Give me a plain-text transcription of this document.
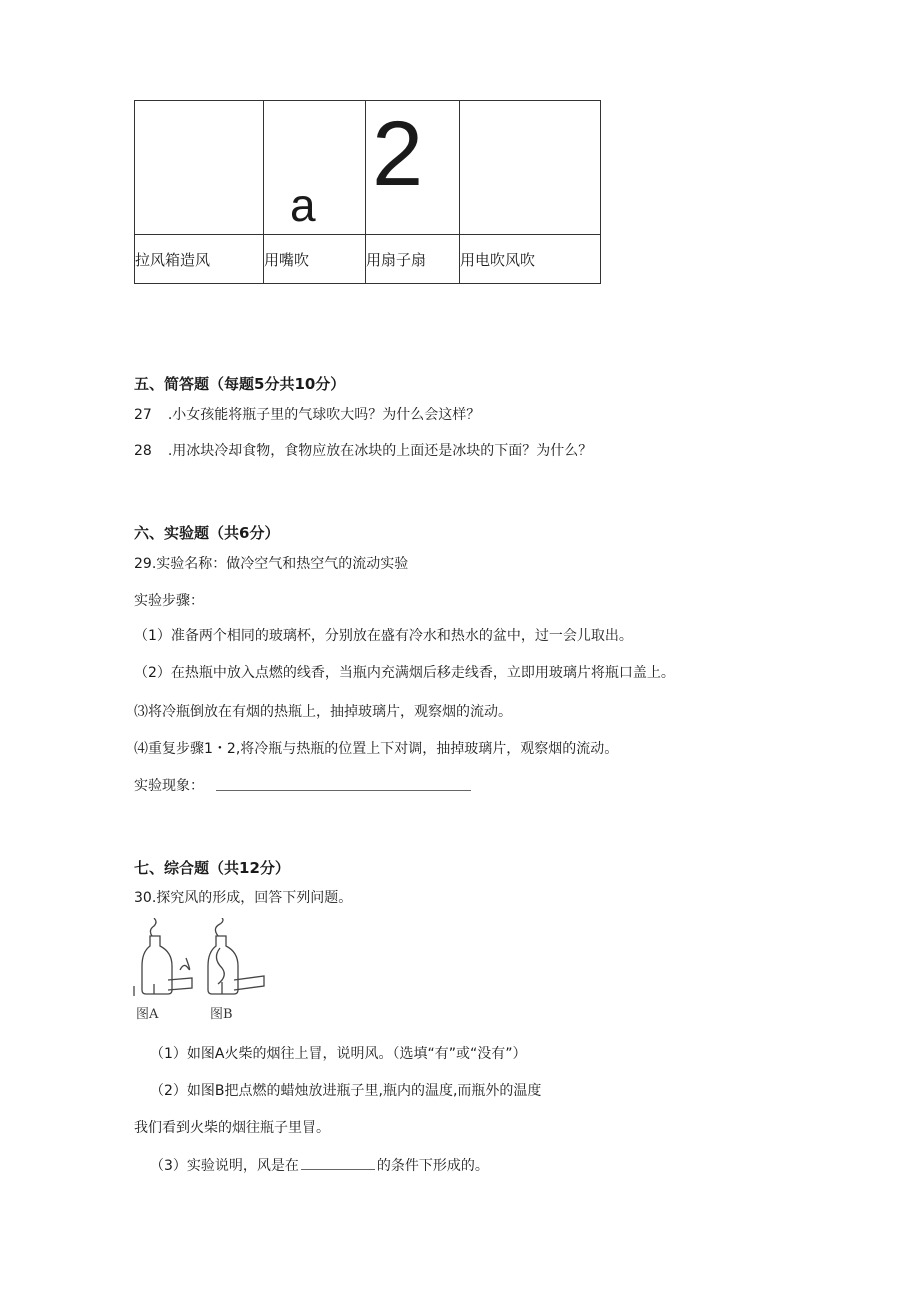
	a	2	

拉风箱造风	用嘴吹	用扇子扇	用电吹风吹
五、简答题（每题5分共10分）
27 .小女孩能将瓶子里的气球吹大吗？为什么会这样？
28 .用冰块冷却食物，食物应放在冰块的上面还是冰块的下面？为什么？
六、实验题（共6分）
29.实验名称：做冷空气和热空气的流动实验
实验步骤：
（1）准备两个相同的玻璃杯，分别放在盛有冷水和热水的盆中，过一会儿取出。
（2）在热瓶中放入点燃的线香，当瓶内充满烟后移走线香，立即用玻璃片将瓶口盖上。
⑶将冷瓶倒放在有烟的热瓶上，抽掉玻璃片，观察烟的流动。
⑷重复步骤1・2,将冷瓶与热瓶的位置上下对调，抽掉玻璃片，观察烟的流动。
实验现象：
七、综合题（共12分）
30.探究风的形成，回答下列问题。
图A	图B
（1）如图A火柴的烟往上冒，说明风。（选填“有”或“没有”）
（2）如图B把点燃的蜡烛放进瓶子里,瓶内的温度,而瓶外的温度
我们看到火柴的烟往瓶子里冒。
（3）实验说明，风是在	的条件下形成的。
